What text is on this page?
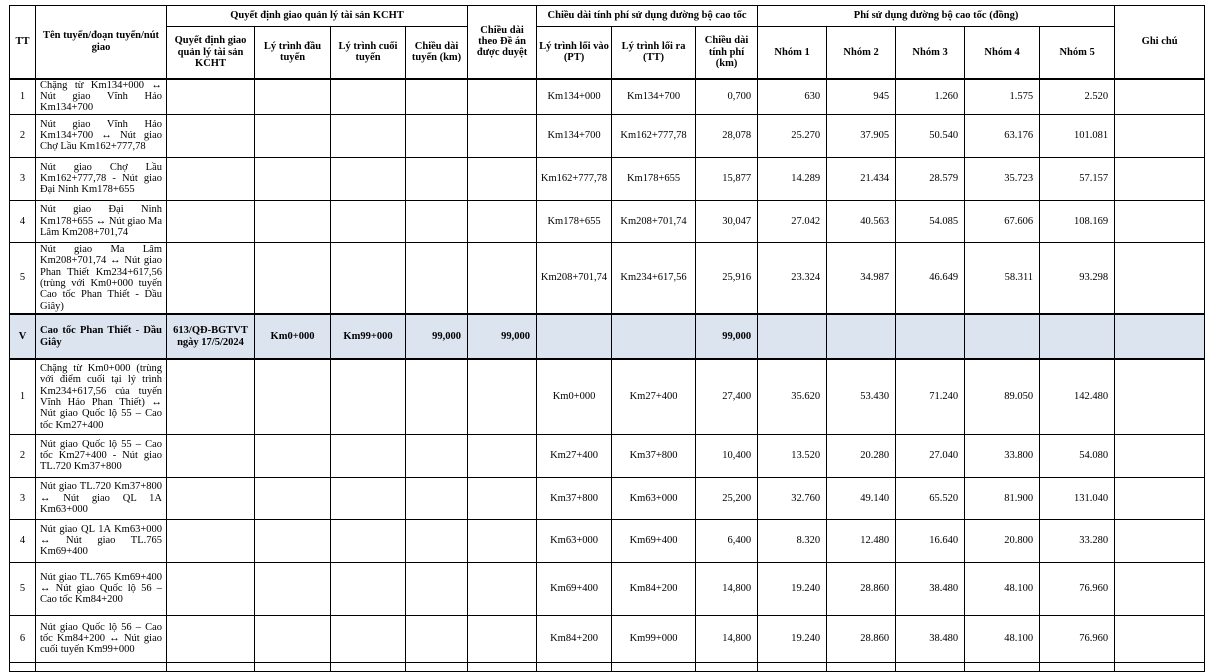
TT	Tên tuyến/đoạn tuyến/nút giao	Quyết định giao quản lý tài sản KCHT				Chiều dài theo Đề án được duyệt	Chiều dài tính phí sử dụng đường bộ cao tốc			Phí sử dụng đường bộ cao tốc (đồng)					Ghi chú
		Quyết định giao quản lý tài sản KCHT	Lý trình đầu tuyến	Lý trình cuối tuyến	Chiều dài tuyến (km)		Lý trình lối vào (PT)	Lý trình lối ra (TT)	Chiều dài tính phí (km)	Nhóm 1	Nhóm 2	Nhóm 3	Nhóm 4	Nhóm 5	
1	Chặng từ Km134+000 ↔ Nút giao Vĩnh Hảo Km134+700						Km134+000	Km134+700	0,700	630	945	1.260	1.575	2.520	
2	Nút giao Vĩnh Hảo Km134+700 ↔ Nút giao Chợ Lầu Km162+777,78						Km134+700	Km162+777,78	28,078	25.270	37.905	50.540	63.176	101.081	
3	Nút giao Chợ Lầu Km162+777,78 - Nút giao Đại Ninh Km178+655						Km162+777,78	Km178+655	15,877	14.289	21.434	28.579	35.723	57.157	
4	Nút giao Đại Ninh Km178+655 ↔ Nút giao Ma Lâm Km208+701,74						Km178+655	Km208+701,74	30,047	27.042	40.563	54.085	67.606	108.169	
5	Nút giao Ma Lâm Km208+701,74 ↔ Nút giao Phan Thiết Km234+617,56 (trùng với Km0+000 tuyến Cao tốc Phan Thiết - Dầu Giây)						Km208+701,74	Km234+617,56	25,916	23.324	34.987	46.649	58.311	93.298	
V	Cao tốc Phan Thiết - Dầu Giây	613/QĐ-BGTVT ngày 17/5/2024	Km0+000	Km99+000	99,000	99,000			99,000						
1	Chặng từ Km0+000 (trùng với điểm cuối tại lý trình Km234+617,56 của tuyến Vĩnh Hảo Phan Thiết) ↔ Nút giao Quốc lộ 55 – Cao tốc Km27+400						Km0+000	Km27+400	27,400	35.620	53.430	71.240	89.050	142.480	
2	Nút giao Quốc lộ 55 – Cao tốc Km27+400 - Nút giao TL.720 Km37+800						Km27+400	Km37+800	10,400	13.520	20.280	27.040	33.800	54.080	
3	Nút giao TL.720 Km37+800 ↔ Nút giao QL 1A Km63+000						Km37+800	Km63+000	25,200	32.760	49.140	65.520	81.900	131.040	
4	Nút giao QL 1A Km63+000 ↔ Nút giao TL.765 Km69+400						Km63+000	Km69+400	6,400	8.320	12.480	16.640	20.800	33.280	
5	Nút giao TL.765 Km69+400 ↔ Nút giao Quốc lộ 56 – Cao tốc Km84+200						Km69+400	Km84+200	14,800	19.240	28.860	38.480	48.100	76.960	
6	Nút giao Quốc lộ 56 – Cao tốc Km84+200 ↔ Nút giao cuối tuyến Km99+000						Km84+200	Km99+000	14,800	19.240	28.860	38.480	48.100	76.960	
